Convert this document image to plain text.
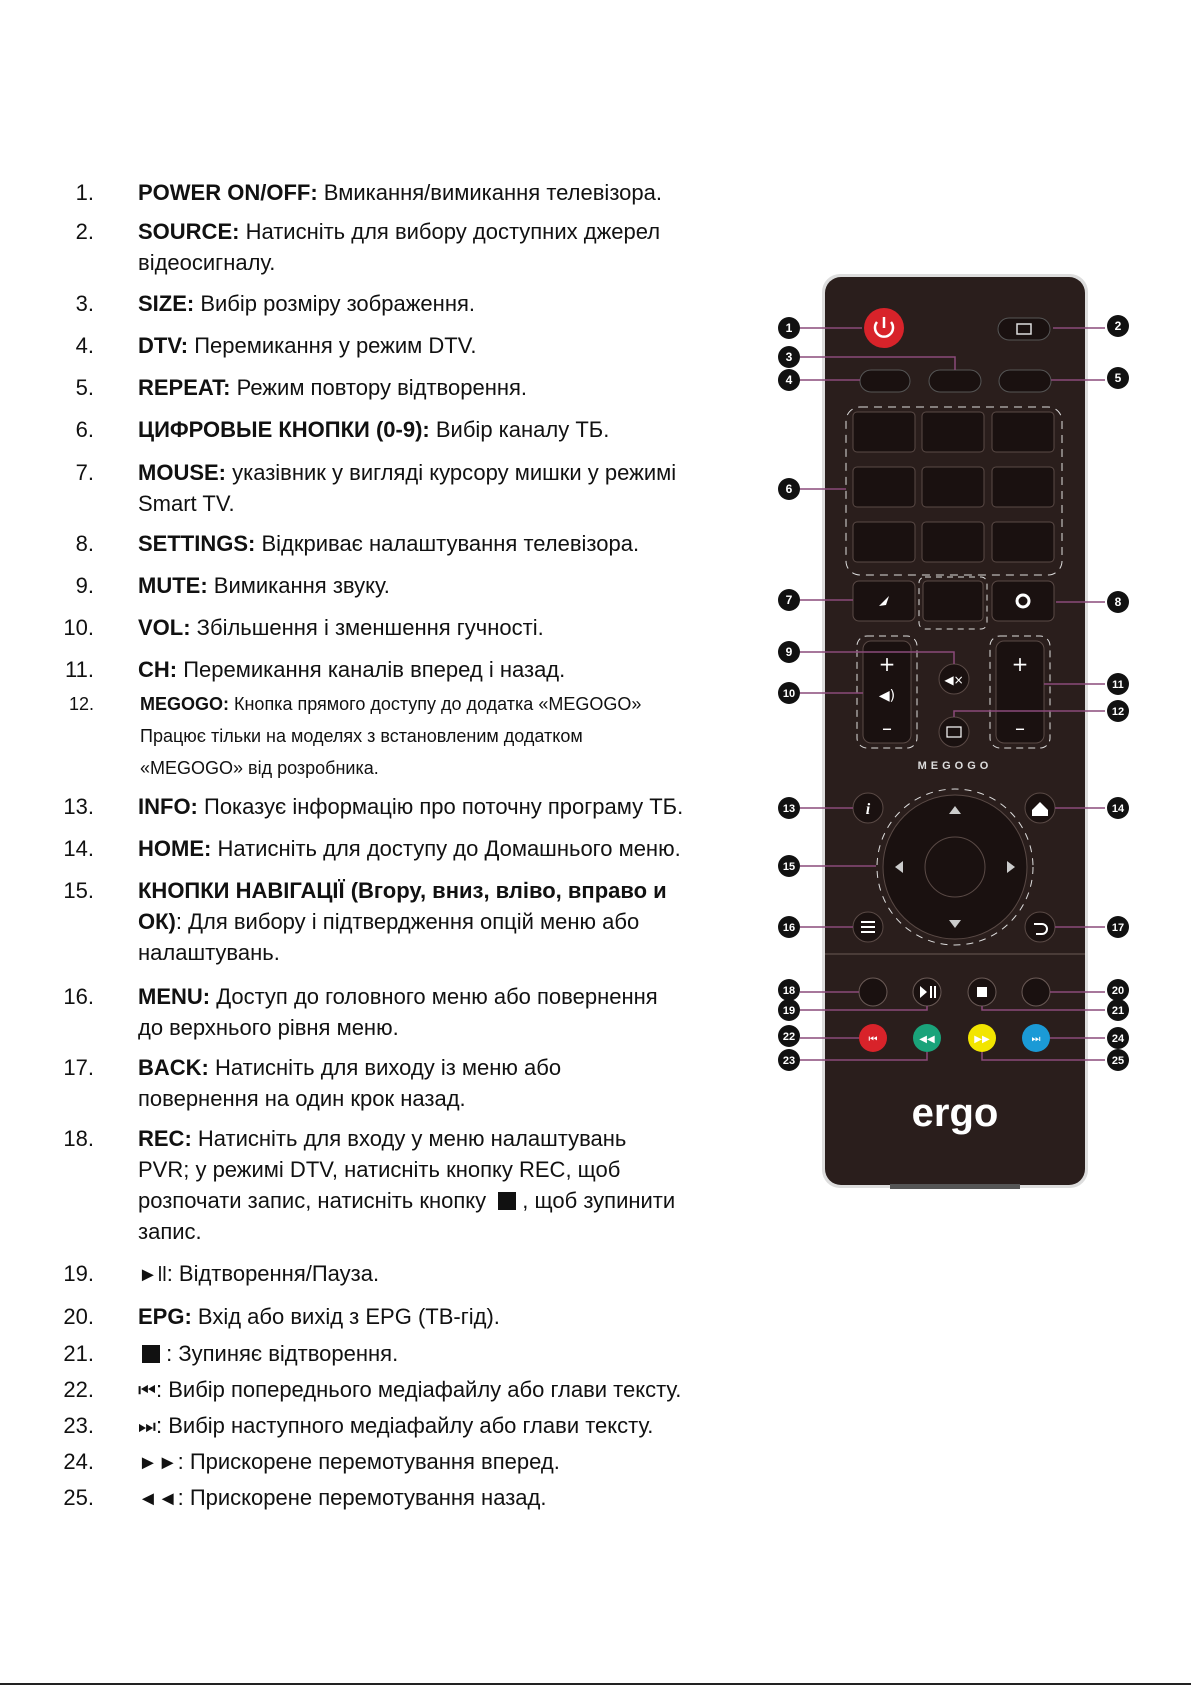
1. POWER ON/OFF: Вмикання/вимикання телевізора.
2. SOURCE: Натисніть для вибору доступних джерел
відеосигналу.
3. SIZE: Вибір розміру зображення.
4. DTV: Перемикання у режим DTV.
5. REPEAT: Режим повтору відтворення.
6. ЦИФРОВЫЕ КНОПКИ (0-9): Вибір каналу ТБ.
7. MOUSE: указівник у вигляді курсору мишки у режимі
Smart TV.
8. SETTINGS: Відкриває налаштування телевізора.
9. MUTE: Вимикання звуку.
10. VOL: Збільшення і зменшення гучності.
11. CH: Перемикання каналів вперед і назад.
12.	MEGOGO: Кнопка прямого доступу до додатка «MEGOGO»
Працює тільки на моделях з встановленим додатком
«MEGOGO» від розробника.
13. INFO: Показує інформацію про поточну програму ТБ.
14. HOME: Натисніть для доступу до Домашнього меню.
15. КНОПКИ НАВІГАЦІЇ (Вгору, вниз, вліво, вправо и
ОК): Для вибору і підтвердження опцій меню або
налаштувань.
16. MENU: Доступ до головного меню або повернення
до верхнього рівня меню.
17. BACK: Натисніть для виходу із меню або
повернення на один крок назад.
18. REC: Натисніть для входу у меню налаштувань
PVR; у режимі DTV, натисніть кнопку REC, щоб
розпочати запис, натисніть кнопку , щоб зупинити
запис.
19. ►ll: Відтворення/Пауза.
20. EPG: Вхід або вихід з EPG (ТВ-гід).
21.	: Зупиняє відтворення.
22. ⏮: Вибір попереднього медіафайлу або глави тексту.
23. ⏭: Вибір наступного медіафайлу або глави тексту.
24. ►►: Прискорене перемотування вперед.
25. ◄◄: Прискорене перемотування назад.
+
◀)
–
◀×
MEGOGO
+
–
i
⏮	◀◀	▶▶	⏭
ergo
1	2
3
4	5
6
7	8
9
10
11
12
13	14
15
16	17
18
19
20
21
22
23
24
25
